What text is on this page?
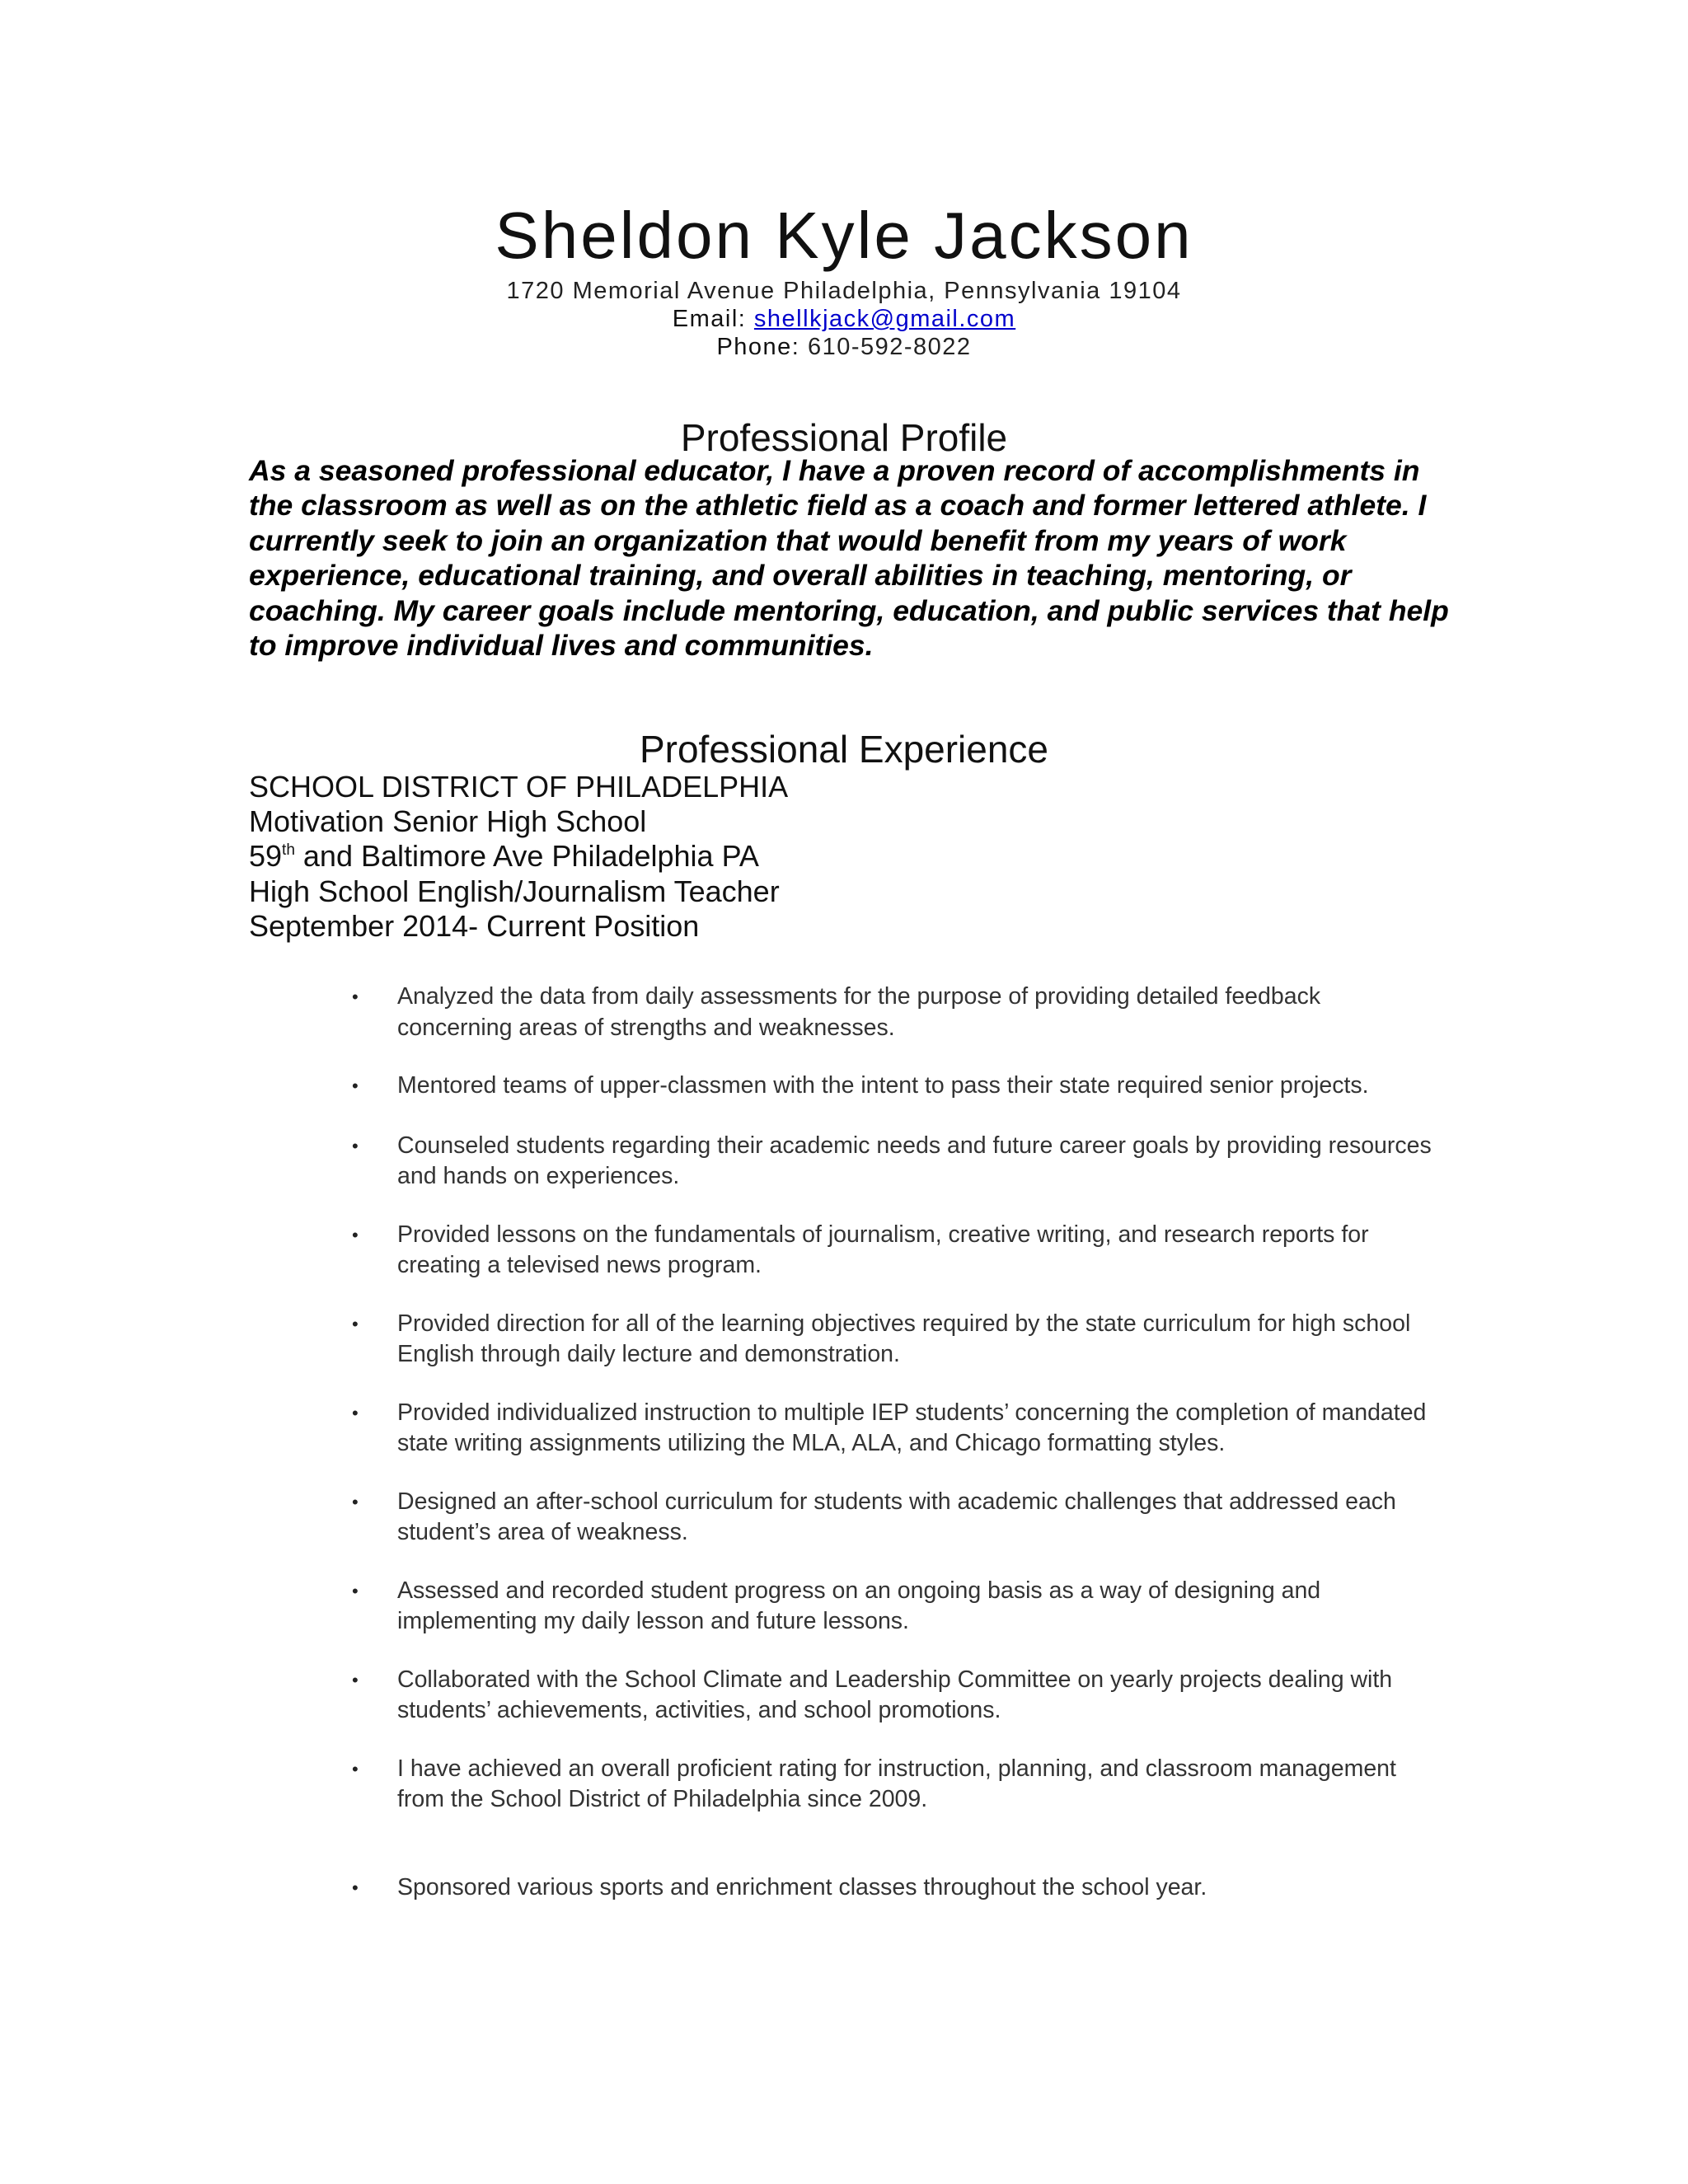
Sheldon Kyle Jackson
1720 Memorial Avenue Philadelphia, Pennsylvania 19104
Email: shellkjack@gmail.com
Phone: 610-592-8022
Professional Profile

As a seasoned professional educator, I have a proven record of accomplishments in the classroom as well as on the athletic field as a coach and former lettered athlete. I currently seek to join an organization that would benefit from my years of work experience, educational training, and overall abilities in teaching, mentoring, or coaching. My career goals include mentoring, education, and public services that help to improve individual lives and communities.

Professional Experience
SCHOOL DISTRICT OF PHILADELPHIA
Motivation Senior High School
59th and Baltimore Ave Philadelphia PA
High School English/Journalism Teacher
September 2014- Current Position
• Analyzed the data from daily assessments for the purpose of providing detailed feedback concerning areas of strengths and weaknesses.
• Mentored teams of upper-classmen with the intent to pass their state required senior projects.
• Counseled students regarding their academic needs and future career goals by providing resources and hands on experiences.
• Provided lessons on the fundamentals of journalism, creative writing, and research reports for creating a televised news program.
• Provided direction for all of the learning objectives required by the state curriculum for high school English through daily lecture and demonstration.
• Provided individualized instruction to multiple IEP students’ concerning the completion of mandated state writing assignments utilizing the MLA, ALA, and Chicago formatting styles.
• Designed an after-school curriculum for students with academic challenges that addressed each student’s area of weakness.
• Assessed and recorded student progress on an ongoing basis as a way of designing and implementing my daily lesson and future lessons.
• Collaborated with the School Climate and Leadership Committee on yearly projects dealing with students’ achievements, activities, and school promotions.
• I have achieved an overall proficient rating for instruction, planning, and classroom management from the School District of Philadelphia since 2009.
• Sponsored various sports and enrichment classes throughout the school year.
